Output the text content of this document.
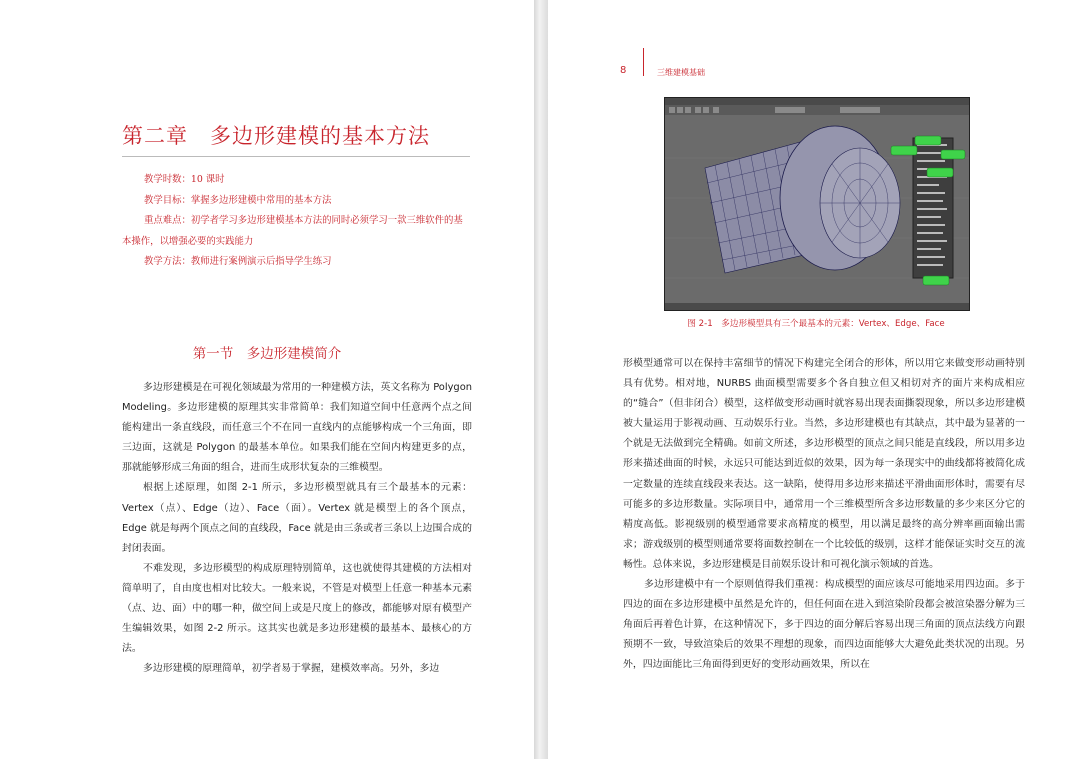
第二章　多边形建模的基本方法

教学时数：10 课时

教学目标：掌握多边形建模中常用的基本方法

重点难点：初学者学习多边形建模基本方法的同时必须学习一款三维软件的基本操作，以增强必要的实践能力

教学方法：教师进行案例演示后指导学生练习

第一节　多边形建模简介

多边形建模是在可视化领域最为常用的一种建模方法，英文名称为 Polygon Modeling。多边形建模的原理其实非常简单：我们知道空间中任意两个点之间能构建出一条直线段，而任意三个不在同一直线内的点能够构成一个三角面，即三边面，这就是 Polygon 的最基本单位。如果我们能在空间内构建更多的点，那就能够形成三角面的组合，进而生成形状复杂的三维模型。

根据上述原理，如图 2-1 所示，多边形模型就具有三个最基本的元素：Vertex（点）、Edge（边）、Face（面）。Vertex 就是模型上的各个顶点，Edge 就是每两个顶点之间的直线段，Face 就是由三条或者三条以上边围合成的封闭表面。

不难发现，多边形模型的构成原理特别简单，这也就使得其建模的方法相对简单明了，自由度也相对比较大。一般来说，不管是对模型上任意一种基本元素（点、边、面）中的哪一种，做空间上或是尺度上的修改，都能够对原有模型产生编辑效果，如图 2-2 所示。这其实也就是多边形建模的最基本、最核心的方法。

多边形建模的原理简单，初学者易于掌握，建模效率高。另外，多边

8	三维建模基础
图 2-1　多边形模型具有三个最基本的元素：Vertex、Edge、Face

形模型通常可以在保持丰富细节的情况下构建完全闭合的形体，所以用它来做变形动画特别具有优势。相对地，NURBS 曲面模型需要多个各自独立但又相切对齐的面片来构成相应的“缝合”（但非闭合）模型，这样做变形动画时就容易出现表面撕裂现象，所以多边形建模被大量运用于影视动画、互动娱乐行业。当然，多边形建模也有其缺点，其中最为显著的一个就是无法做到完全精确。如前文所述，多边形模型的顶点之间只能是直线段，所以用多边形来描述曲面的时候，永远只可能达到近似的效果，因为每一条现实中的曲线都将被简化成一定数量的连续直线段来表达。这一缺陷，使得用多边形来描述平滑曲面形体时，需要有尽可能多的多边形数量。实际项目中，通常用一个三维模型所含多边形数量的多少来区分它的精度高低。影视级别的模型通常要求高精度的模型，用以满足最终的高分辨率画面输出需求；游戏级别的模型则通常要将面数控制在一个比较低的级别，这样才能保证实时交互的流畅性。总体来说，多边形建模是目前娱乐设计和可视化演示领域的首选。

多边形建模中有一个原则值得我们重视：构成模型的面应该尽可能地采用四边面。多于四边的面在多边形建模中虽然是允许的，但任何面在进入到渲染阶段都会被渲染器分解为三角面后再着色计算，在这种情况下，多于四边的面分解后容易出现三角面的顶点法线方向跟预期不一致，导致渲染后的效果不理想的现象，而四边面能够大大避免此类状况的出现。另外，四边面能比三角面得到更好的变形动画效果，所以在
